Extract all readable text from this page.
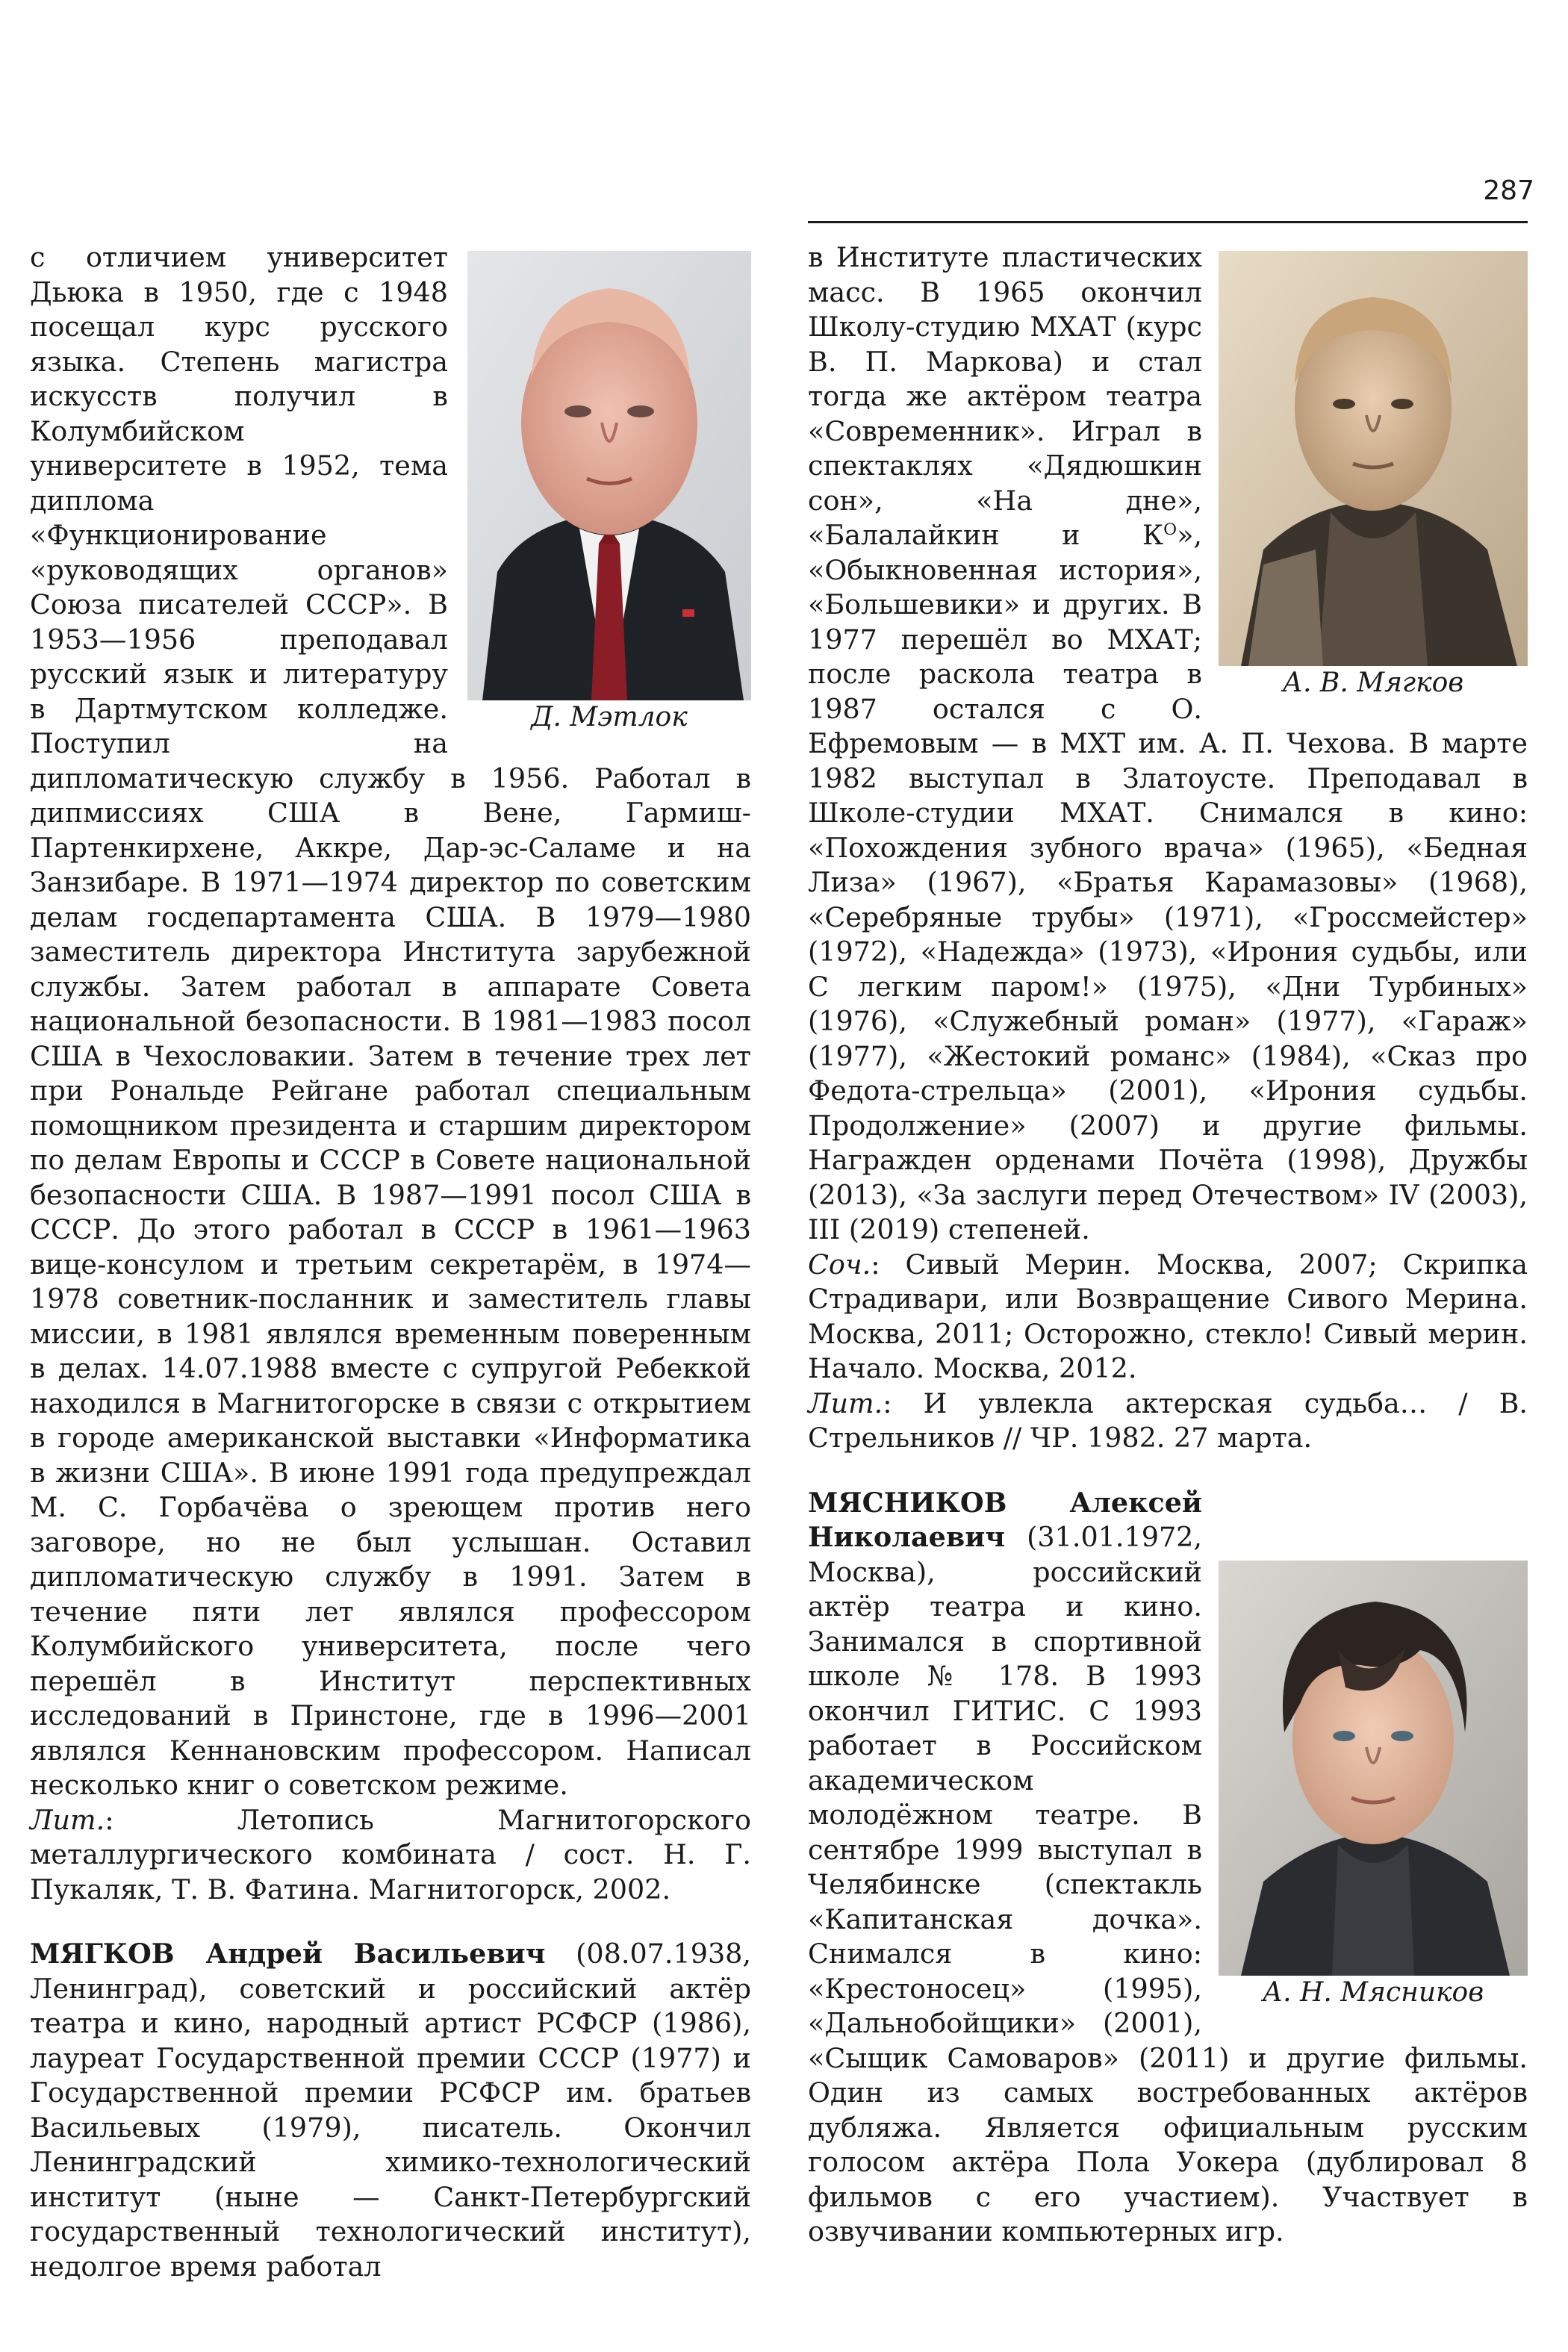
287
Д. Мэтлок

с отличием университет Дьюка в 1950, где с 1948 посещал курс русского языка. Степень магистра искусств получил в Колумбийском университете в 1952, тема диплома «Функционирование «руководящих органов» Союза писателей СССР». В 1953—1956 преподавал русский язык и литературу в Дартмутском колледже. Поступил на дипломатическую службу в 1956. Работал в дипмиссиях США в Вене, Гармиш-Партенкирхене, Аккре, Дар-эс-Саламе и на Занзибаре. В 1971—1974 директор по советским делам госдепартамента США. В 1979—1980 заместитель директора Института зарубежной службы. Затем работал в аппарате Совета национальной безопасности. В 1981—1983 посол США в Чехословакии. Затем в течение трех лет при Рональде Рейгане работал специальным помощником президента и старшим директором по делам Европы и СССР в Совете национальной безопасности США. В 1987—1991 посол США в СССР. До этого работал в СССР в 1961—1963 вице-консулом и третьим секретарём, в 1974—1978 советник-посланник и заместитель главы миссии, в 1981 являлся временным поверенным в делах. 14.07.1988 вместе с супругой Ребеккой находился в Магнитогорске в связи с открытием в городе американской выставки «Информатика в жизни США». В июне 1991 года предупреждал М. С. Горбачёва о зреющем против него заговоре, но не был услышан. Оставил дипломатическую службу в 1991. Затем в течение пяти лет являлся профессором Колумбийского университета, после чего перешёл в Институт перспективных исследований в Принстоне, где в 1996—2001 являлся Кеннановским профессором. Написал несколько книг о советском режиме.

Лит.: Летопись Магнитогорского металлургического комбината / сост. Н. Г. Пукаляк, Т. В. Фатина. Магнитогорск, 2002.

МЯГКОВ Андрей Васильевич (08.07.1938, Ленинград), советский и российский актёр театра и кино, народный артист РСФСР (1986), лауреат Государственной премии СССР (1977) и Государственной премии РСФСР им. братьев Васильевых (1979), писатель. Окончил Ленинградский химико-технологический институт (ныне — Санкт-Петербургский государственный технологический институт), недолгое время работал

А. В. Мягков

в Институте пластических масс. В 1965 окончил Школу-студию МХАТ (курс В. П. Маркова) и стал тогда же актёром театра «Современник». Играл в спектаклях «Дядюшкин сон», «На дне», «Балалайкин и $К^О$», «Обыкновенная история», «Большевики» и других. В 1977 перешёл во МХАТ; после раскола театра в 1987 остался с О. Ефремовым — в МХТ им. А. П. Чехова. В марте 1982 выступал в Златоусте. Преподавал в Школе-студии МХАТ. Снимался в кино: «Похождения зубного врача» (1965), «Бедная Лиза» (1967), «Братья Карамазовы» (1968), «Серебряные трубы» (1971), «Гроссмейстер» (1972), «Надежда» (1973), «Ирония судьбы, или С легким паром!» (1975), «Дни Турбиных» (1976), «Служебный роман» (1977), «Гараж» (1977), «Жестокий романс» (1984), «Сказ про Федота-стрельца» (2001), «Ирония судьбы. Продолжение» (2007) и другие фильмы. Награжден орденами Почёта (1998), Дружбы (2013), «За заслуги перед Отечеством» IV (2003), III (2019) степеней.

Соч.: Сивый Мерин. Москва, 2007; Скрипка Страдивари, или Возвращение Сивого Мерина. Москва, 2011; Осторожно, стекло! Сивый мерин. Начало. Москва, 2012.

Лит.: И увлекла актерская судьба… / В. Стрельников // ЧР. 1982. 27 марта.

А. Н. Мясников

МЯСНИКОВ Алексей Николаевич (31.01.1972, Москва), российский актёр театра и кино. Занимался в спортивной школе № 178. В 1993 окончил ГИТИС. С 1993 работает в Российском академическом молодёжном театре. В сентябре 1999 выступал в Челябинске (спектакль «Капитанская дочка». Снимался в кино: «Крестоносец» (1995), «Дальнобойщики» (2001), «Сыщик Самоваров» (2011) и другие фильмы. Один из самых востребованных актёров дубляжа. Является официальным русским голосом актёра Пола Уокера (дублировал 8 фильмов с его участием). Участвует в озвучивании компьютерных игр.
